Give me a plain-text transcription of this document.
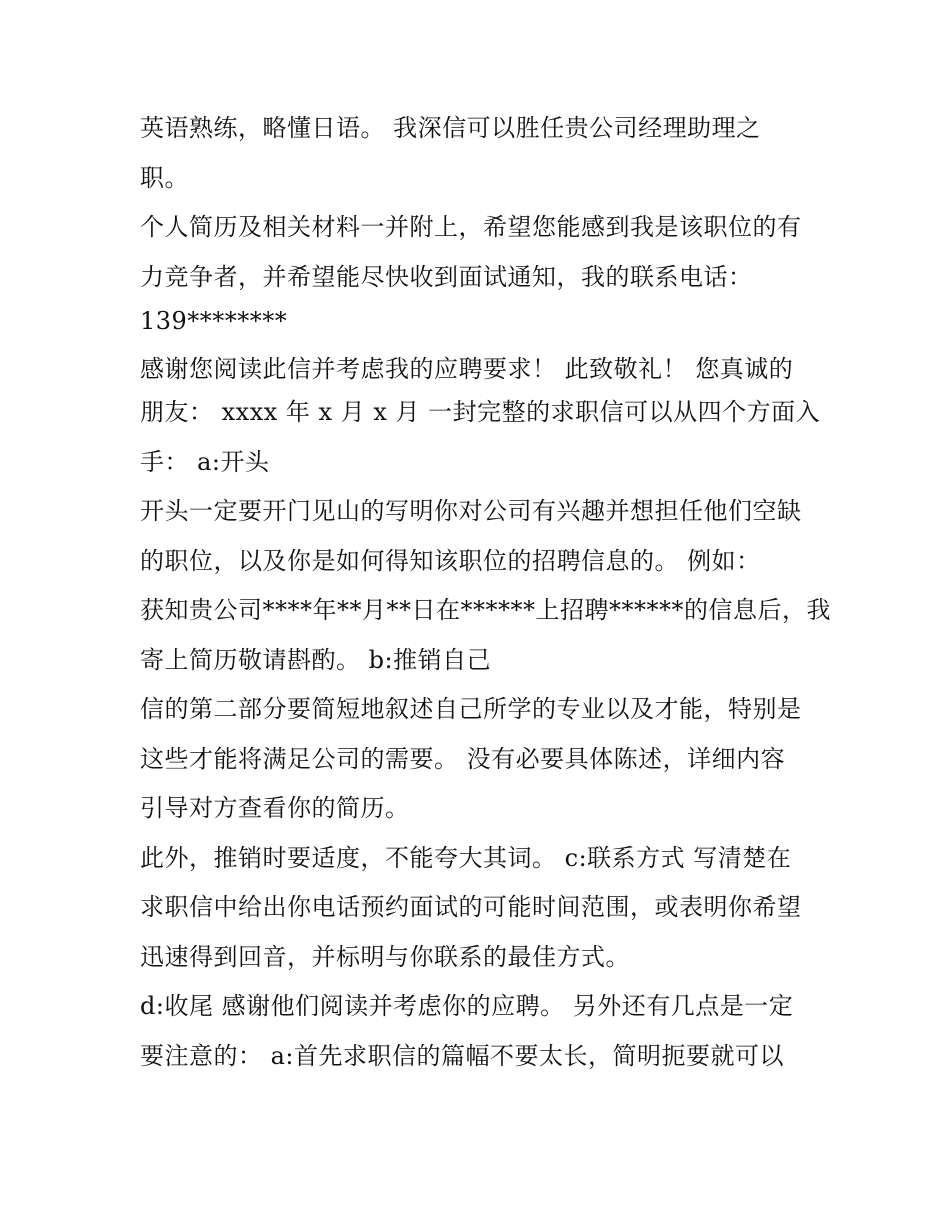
英语熟练，略懂日语。 我深信可以胜任贵公司经理助理之
职。
个人简历及相关材料一并附上，希望您能感到我是该职位的有
力竞争者，并希望能尽快收到面试通知，我的联系电话：
139********
感谢您阅读此信并考虑我的应聘要求！ 此致敬礼！ 您真诚的
朋友： xxxx 年 x 月 x 月 一封完整的求职信可以从四个方面入
手： a:开头
开头一定要开门见山的写明你对公司有兴趣并想担任他们空缺
的职位，以及你是如何得知该职位的招聘信息的。 例如：
获知贵公司****年**月**日在******上招聘******的信息后，我
寄上简历敬请斟酌。 b:推销自己
信的第二部分要简短地叙述自己所学的专业以及才能，特别是
这些才能将满足公司的需要。 没有必要具体陈述，详细内容
引导对方查看你的简历。
此外，推销时要适度，不能夸大其词。 c:联系方式 写清楚在
求职信中给出你电话预约面试的可能时间范围，或表明你希望
迅速得到回音，并标明与你联系的最佳方式。
d:收尾 感谢他们阅读并考虑你的应聘。 另外还有几点是一定
要注意的： a:首先求职信的篇幅不要太长，简明扼要就可以
